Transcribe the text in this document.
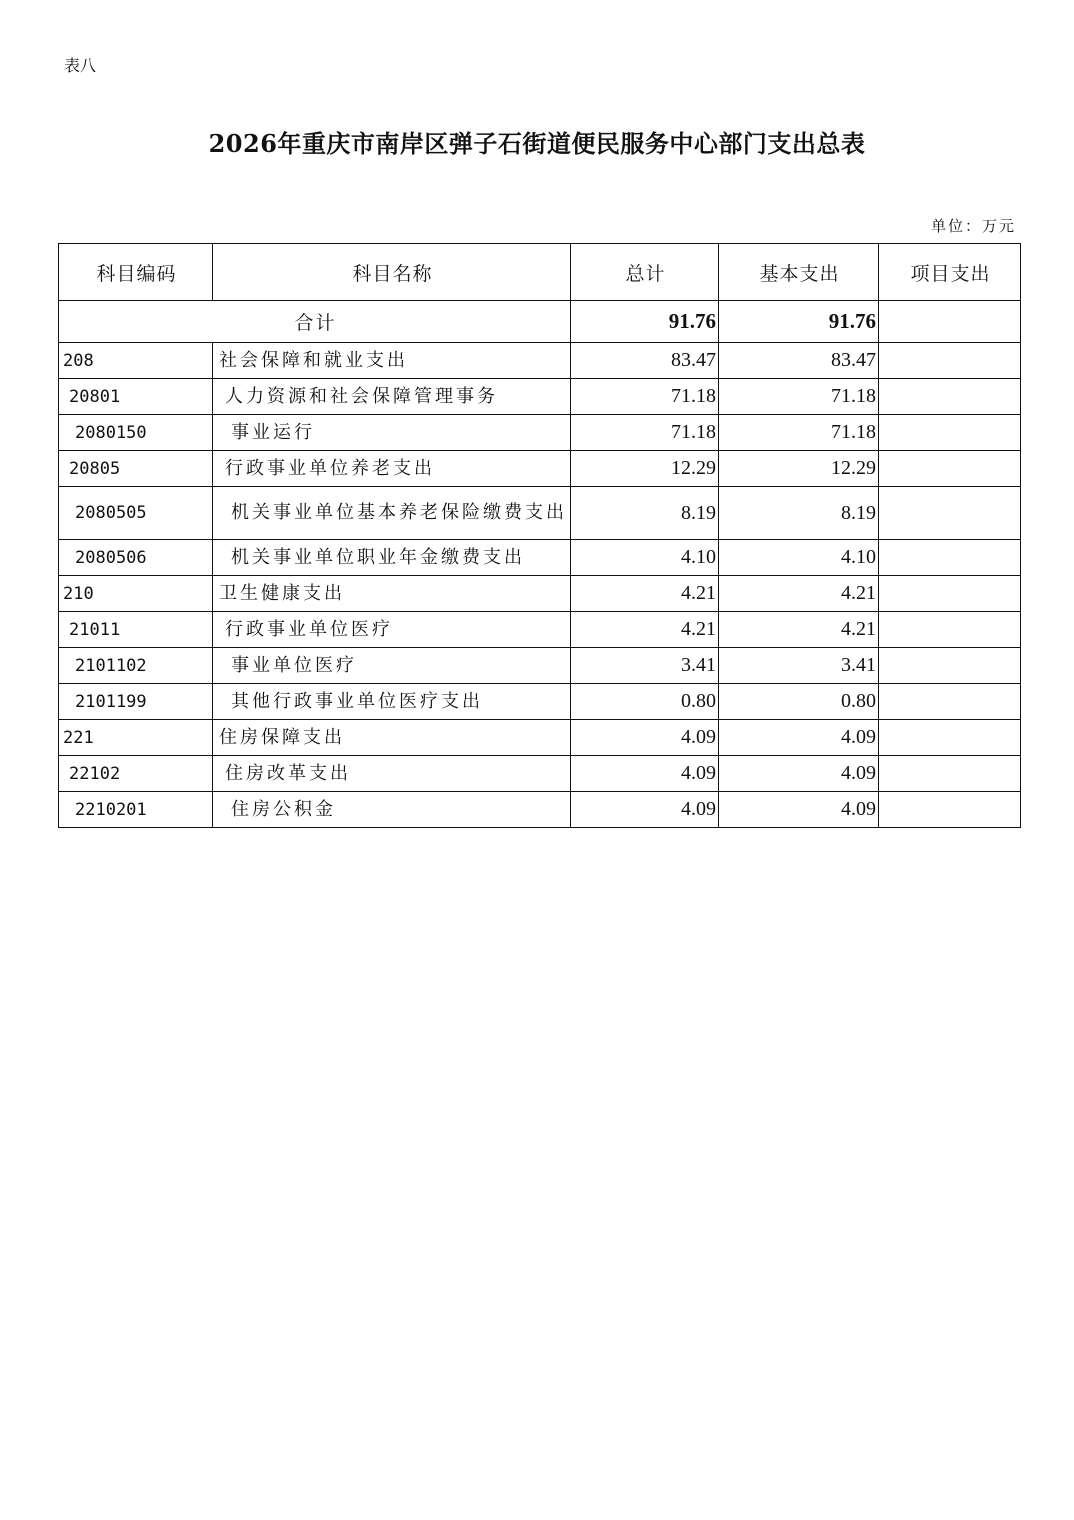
表八
2026年重庆市南岸区弹子石街道便民服务中心部门支出总表
单位：万元
科目编码	科目名称	总计	基本支出	项目支出
合计		91.76	91.76	
208	社会保障和就业支出	83.47	83.47	
20801	人力资源和社会保障管理事务	71.18	71.18	
2080150	事业运行	71.18	71.18	
20805	行政事业单位养老支出	12.29	12.29	
2080505	机关事业单位基本养老保险缴费支出	8.19	8.19	
2080506	机关事业单位职业年金缴费支出	4.10	4.10	
210	卫生健康支出	4.21	4.21	
21011	行政事业单位医疗	4.21	4.21	
2101102	事业单位医疗	3.41	3.41	
2101199	其他行政事业单位医疗支出	0.80	0.80	
221	住房保障支出	4.09	4.09	
22102	住房改革支出	4.09	4.09	
2210201	住房公积金	4.09	4.09	
